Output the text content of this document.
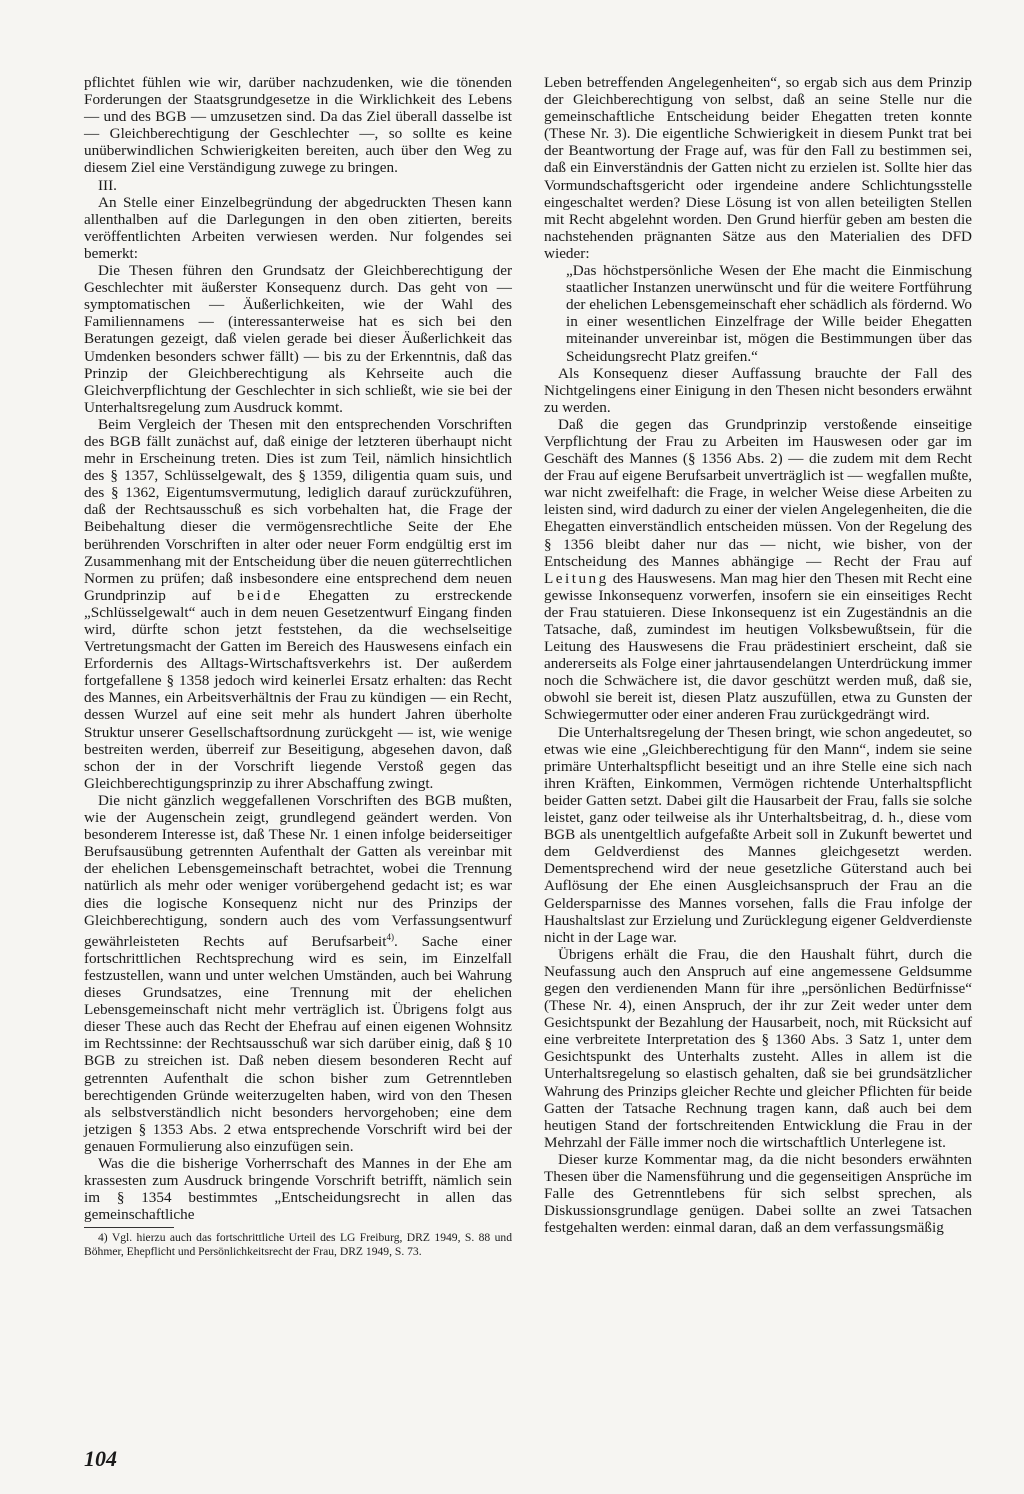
pflichtet fühlen wie wir, darüber nachzudenken, wie die tönenden Forderungen der Staatsgrundgesetze in die Wirklichkeit des Lebens — und des BGB — umzusetzen sind. Da das Ziel überall dasselbe ist — Gleichberechtigung der Geschlechter —, so sollte es keine unüberwindlichen Schwierigkeiten bereiten, auch über den Weg zu diesem Ziel eine Verständigung zuwege zu bringen.

III.

An Stelle einer Einzelbegründung der abgedruckten Thesen kann allenthalben auf die Darlegungen in den oben zitierten, bereits veröffentlichten Arbeiten verwiesen werden. Nur folgendes sei bemerkt:

Die Thesen führen den Grundsatz der Gleichberechtigung der Geschlechter mit äußerster Konsequenz durch. Das geht von — symptomatischen — Äußerlichkeiten, wie der Wahl des Familiennamens — (interessanterweise hat es sich bei den Beratungen gezeigt, daß vielen gerade bei dieser Äußerlichkeit das Umdenken besonders schwer fällt) — bis zu der Erkenntnis, daß das Prinzip der Gleichberechtigung als Kehrseite auch die Gleichverpflichtung der Geschlechter in sich schließt, wie sie bei der Unterhaltsregelung zum Ausdruck kommt.

Beim Vergleich der Thesen mit den entsprechenden Vorschriften des BGB fällt zunächst auf, daß einige der letzteren überhaupt nicht mehr in Erscheinung treten. Dies ist zum Teil, nämlich hinsichtlich des § 1357, Schlüsselgewalt, des § 1359, diligentia quam suis, und des § 1362, Eigentumsvermutung, lediglich darauf zurückzuführen, daß der Rechtsausschuß es sich vorbehalten hat, die Frage der Beibehaltung dieser die vermögensrechtliche Seite der Ehe berührenden Vorschriften in alter oder neuer Form endgültig erst im Zusammenhang mit der Entscheidung über die neuen güterrechtlichen Normen zu prüfen; daß insbesondere eine entsprechend dem neuen Grundprinzip auf beide Ehegatten zu erstreckende „Schlüsselgewalt“ auch in dem neuen Gesetzentwurf Eingang finden wird, dürfte schon jetzt feststehen, da die wechselseitige Vertretungsmacht der Gatten im Bereich des Hauswesens einfach ein Erfordernis des Alltags-Wirtschaftsverkehrs ist. Der außerdem fortgefallene § 1358 jedoch wird keinerlei Ersatz erhalten: das Recht des Mannes, ein Arbeitsverhältnis der Frau zu kündigen — ein Recht, dessen Wurzel auf eine seit mehr als hundert Jahren überholte Struktur unserer Gesellschaftsordnung zurückgeht — ist, wie wenige bestreiten werden, überreif zur Beseitigung, abgesehen davon, daß schon der in der Vorschrift liegende Verstoß gegen das Gleichberechtigungsprinzip zu ihrer Abschaffung zwingt.

Die nicht gänzlich weggefallenen Vorschriften des BGB mußten, wie der Augenschein zeigt, grundlegend geändert werden. Von besonderem Interesse ist, daß These Nr. 1 einen infolge beiderseitiger Berufsausübung getrennten Aufenthalt der Gatten als vereinbar mit der ehelichen Lebensgemeinschaft betrachtet, wobei die Trennung natürlich als mehr oder weniger vorübergehend gedacht ist; es war dies die logische Konsequenz nicht nur des Prinzips der Gleichberechtigung, sondern auch des vom Verfassungsentwurf gewährleisteten Rechts auf Berufsarbeit$^{4)}$. Sache einer fortschrittlichen Rechtsprechung wird es sein, im Einzelfall festzustellen, wann und unter welchen Umständen, auch bei Wahrung dieses Grundsatzes, eine Trennung mit der ehelichen Lebensgemeinschaft nicht mehr verträglich ist. Übrigens folgt aus dieser These auch das Recht der Ehefrau auf einen eigenen Wohnsitz im Rechtssinne: der Rechtsausschuß war sich darüber einig, daß § 10 BGB zu streichen ist. Daß neben diesem besonderen Recht auf getrennten Aufenthalt die schon bisher zum Getrenntleben berechtigenden Gründe weiterzugelten haben, wird von den Thesen als selbstverständlich nicht besonders hervorgehoben; eine dem jetzigen § 1353 Abs. 2 etwa entsprechende Vorschrift wird bei der genauen Formulierung also einzufügen sein.

Was die die bisherige Vorherrschaft des Mannes in der Ehe am krassesten zum Ausdruck bringende Vorschrift betrifft, nämlich sein im § 1354 bestimmtes „Entscheidungsrecht in allen das gemeinschaftliche

4) Vgl. hierzu auch das fortschrittliche Urteil des LG Freiburg, DRZ 1949, S. 88 und Böhmer, Ehepflicht und Persönlichkeitsrecht der Frau, DRZ 1949, S. 73.

Leben betreffenden Angelegenheiten“, so ergab sich aus dem Prinzip der Gleichberechtigung von selbst, daß an seine Stelle nur die gemeinschaftliche Entscheidung beider Ehegatten treten konnte (These Nr. 3). Die eigentliche Schwierigkeit in diesem Punkt trat bei der Beantwortung der Frage auf, was für den Fall zu bestimmen sei, daß ein Einverständnis der Gatten nicht zu erzielen ist. Sollte hier das Vormundschaftsgericht oder irgendeine andere Schlichtungsstelle eingeschaltet werden? Diese Lösung ist von allen beteiligten Stellen mit Recht abgelehnt worden. Den Grund hierfür geben am besten die nachstehenden prägnanten Sätze aus den Materialien des DFD wieder:

„Das höchstpersönliche Wesen der Ehe macht die Einmischung staatlicher Instanzen unerwünscht und für die weitere Fortführung der ehelichen Lebensgemeinschaft eher schädlich als fördernd. Wo in einer wesentlichen Einzelfrage der Wille beider Ehegatten miteinander unvereinbar ist, mögen die Bestimmungen über das Scheidungsrecht Platz greifen.“

Als Konsequenz dieser Auffassung brauchte der Fall des Nichtgelingens einer Einigung in den Thesen nicht besonders erwähnt zu werden.

Daß die gegen das Grundprinzip verstoßende einseitige Verpflichtung der Frau zu Arbeiten im Hauswesen oder gar im Geschäft des Mannes (§ 1356 Abs. 2) — die zudem mit dem Recht der Frau auf eigene Berufsarbeit unverträglich ist — wegfallen mußte, war nicht zweifelhaft: die Frage, in welcher Weise diese Arbeiten zu leisten sind, wird dadurch zu einer der vielen Angelegenheiten, die die Ehegatten einverständlich entscheiden müssen. Von der Regelung des § 1356 bleibt daher nur das — nicht, wie bisher, von der Entscheidung des Mannes abhängige — Recht der Frau auf Leitung des Hauswesens. Man mag hier den Thesen mit Recht eine gewisse Inkonsequenz vorwerfen, insofern sie ein einseitiges Recht der Frau statuieren. Diese Inkonsequenz ist ein Zugeständnis an die Tatsache, daß, zumindest im heutigen Volksbewußtsein, für die Leitung des Hauswesens die Frau prädestiniert erscheint, daß sie andererseits als Folge einer jahrtausendelangen Unterdrückung immer noch die Schwächere ist, die davor geschützt werden muß, daß sie, obwohl sie bereit ist, diesen Platz auszufüllen, etwa zu Gunsten der Schwiegermutter oder einer anderen Frau zurückgedrängt wird.

Die Unterhaltsregelung der Thesen bringt, wie schon angedeutet, so etwas wie eine „Gleichberechtigung für den Mann“, indem sie seine primäre Unterhaltspflicht beseitigt und an ihre Stelle eine sich nach ihren Kräften, Einkommen, Vermögen richtende Unterhaltspflicht beider Gatten setzt. Dabei gilt die Hausarbeit der Frau, falls sie solche leistet, ganz oder teilweise als ihr Unterhaltsbeitrag, d. h., diese vom BGB als unentgeltlich aufgefaßte Arbeit soll in Zukunft bewertet und dem Geldverdienst des Mannes gleichgesetzt werden. Dementsprechend wird der neue gesetzliche Güterstand auch bei Auflösung der Ehe einen Ausgleichsanspruch der Frau an die Geldersparnisse des Mannes vorsehen, falls die Frau infolge der Haushaltslast zur Erzielung und Zurücklegung eigener Geldverdienste nicht in der Lage war.

Übrigens erhält die Frau, die den Haushalt führt, durch die Neufassung auch den Anspruch auf eine angemessene Geldsumme gegen den verdienenden Mann für ihre „persönlichen Bedürfnisse“ (These Nr. 4), einen Anspruch, der ihr zur Zeit weder unter dem Gesichtspunkt der Bezahlung der Hausarbeit, noch, mit Rücksicht auf eine verbreitete Interpretation des § 1360 Abs. 3 Satz 1, unter dem Gesichtspunkt des Unterhalts zusteht. Alles in allem ist die Unterhaltsregelung so elastisch gehalten, daß sie bei grundsätzlicher Wahrung des Prinzips gleicher Rechte und gleicher Pflichten für beide Gatten der Tatsache Rechnung tragen kann, daß auch bei dem heutigen Stand der fortschreitenden Entwicklung die Frau in der Mehrzahl der Fälle immer noch die wirtschaftlich Unterlegene ist.

Dieser kurze Kommentar mag, da die nicht besonders erwähnten Thesen über die Namensführung und die gegenseitigen Ansprüche im Falle des Getrenntlebens für sich selbst sprechen, als Diskussionsgrundlage genügen. Dabei sollte an zwei Tatsachen festgehalten werden: einmal daran, daß an dem verfassungsmäßig

104
